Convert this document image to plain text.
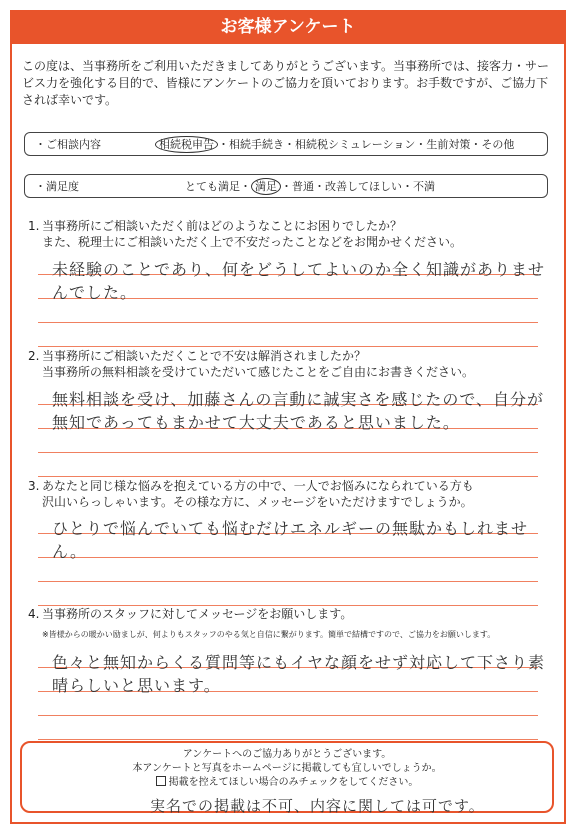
お客様アンケート
この度は、当事務所をご利用いただきましてありがとうございます。当事務所では、接客力・サービス力を強化する目的で、皆様にアンケートのご協力を頂いております。お手数ですが、ご協力下されば幸いです。
・ご相談内容	相続税申告 ・相続手続き・相続税シミュレーション・生前対策・その他
・満足度	とても満足・ 満足 ・普通・改善してほしい・不満
1. 当事務所にご相談いただく前はどのようなことにお困りでしたか？
また、税理士にご相談いただく上で不安だったことなどをお聞かせください。
未経験のことであり、何をどうしてよいのか全く知識がありませんでした。
2. 当事務所にご相談いただくことで不安は解消されましたか？
当事務所の無料相談を受けていただいて感じたことをご自由にお書きください。
無料相談を受け、加藤さんの言動に誠実さを感じたので、自分が無知であってもまかせて大丈夫であると思いました。
3. あなたと同じ様な悩みを抱えている方の中で、一人でお悩みになられている方も
沢山いらっしゃいます。その様な方に、メッセージをいただけますでしょうか。
ひとりで悩んでいても悩むだけエネルギーの無駄かもしれません。
4. 当事務所のスタッフに対してメッセージをお願いします。
※皆様からの暖かい励ましが、何よりもスタッフのやる気と自信に繋がります。簡単で結構ですので、ご協力をお願いします。
色々と無知からくる質問等にもイヤな顔をせず対応して下さり素晴らしいと思います。
アンケートへのご協力ありがとうございます。
本アンケートと写真をホームページに掲載しても宜しいでしょうか。
掲載を控えてほしい場合のみチェックをしてください。
実名での掲載は不可、内容に関しては可です。
